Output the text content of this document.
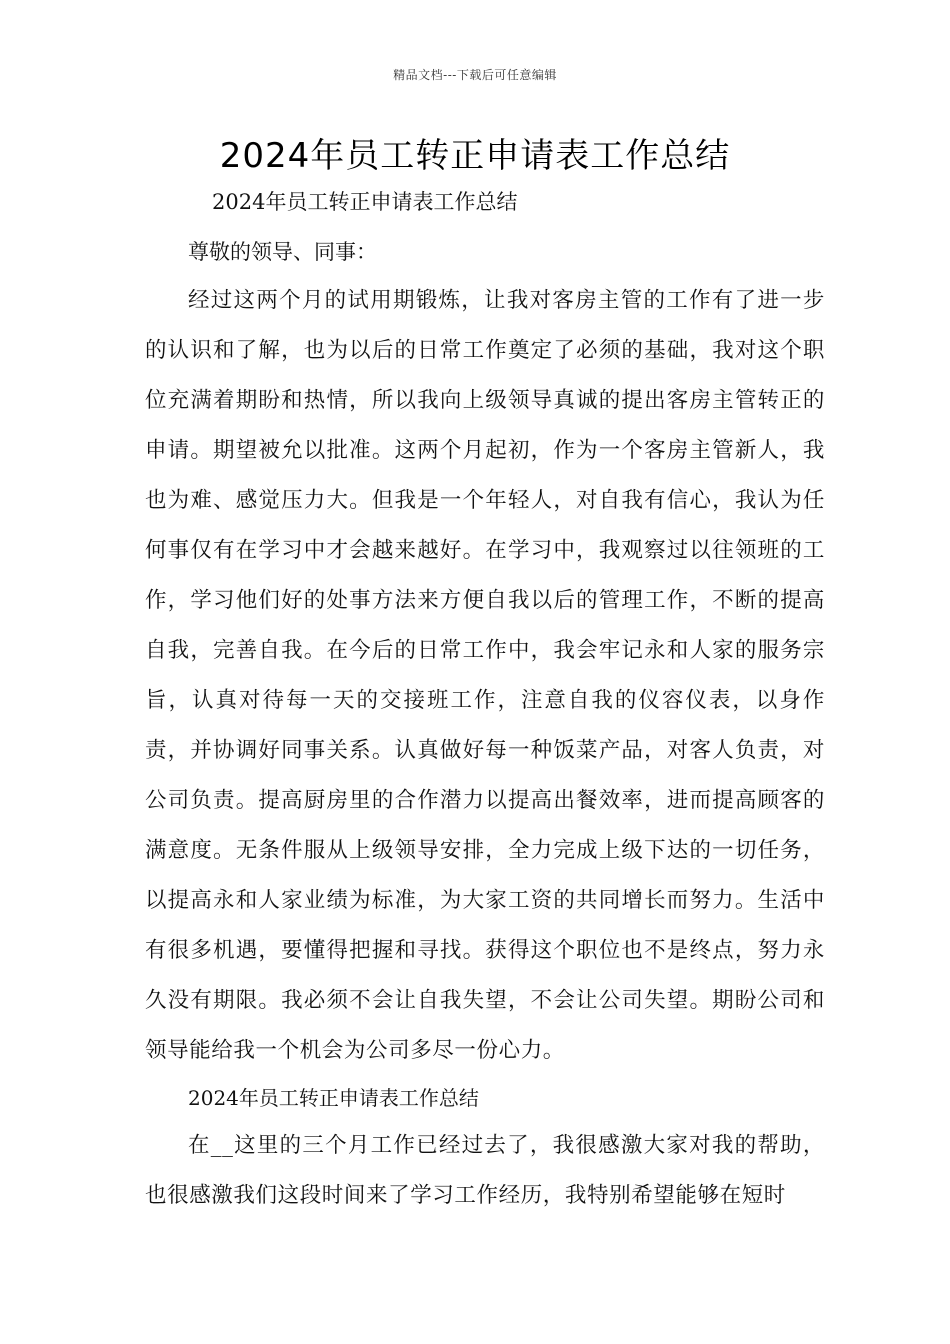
精品文档---下载后可任意编辑
2024年员工转正申请表工作总结

2024年员工转正申请表工作总结

尊敬的领导、同事：

经过这两个月的试用期锻炼，让我对客房主管的工作有了进一步的认识和了解，也为以后的日常工作奠定了必须的基础，我对这个职位充满着期盼和热情，所以我向上级领导真诚的提出客房主管转正的申请。期望被允以批准。这两个月起初，作为一个客房主管新人，我也为难、感觉压力大。但我是一个年轻人，对自我有信心，我认为任何事仅有在学习中才会越来越好。在学习中，我观察过以往领班的工作，学习他们好的处事方法来方便自我以后的管理工作，不断的提高自我，完善自我。在今后的日常工作中，我会牢记永和人家的服务宗旨，认真对待每一天的交接班工作，注意自我的仪容仪表，以身作责，并协调好同事关系。认真做好每一种饭菜产品，对客人负责，对公司负责。提高厨房里的合作潜力以提高出餐效率，进而提高顾客的满意度。无条件服从上级领导安排，全力完成上级下达的一切任务，以提高永和人家业绩为标准，为大家工资的共同增长而努力。生活中有很多机遇，要懂得把握和寻找。获得这个职位也不是终点，努力永久没有期限。我必须不会让自我失望，不会让公司失望。期盼公司和领导能给我一个机会为公司多尽一份心力。

2024年员工转正申请表工作总结

在__这里的三个月工作已经过去了，我很感激大家对我的帮助，也很感激我们这段时间来了学习工作经历，我特别希望能够在短时
